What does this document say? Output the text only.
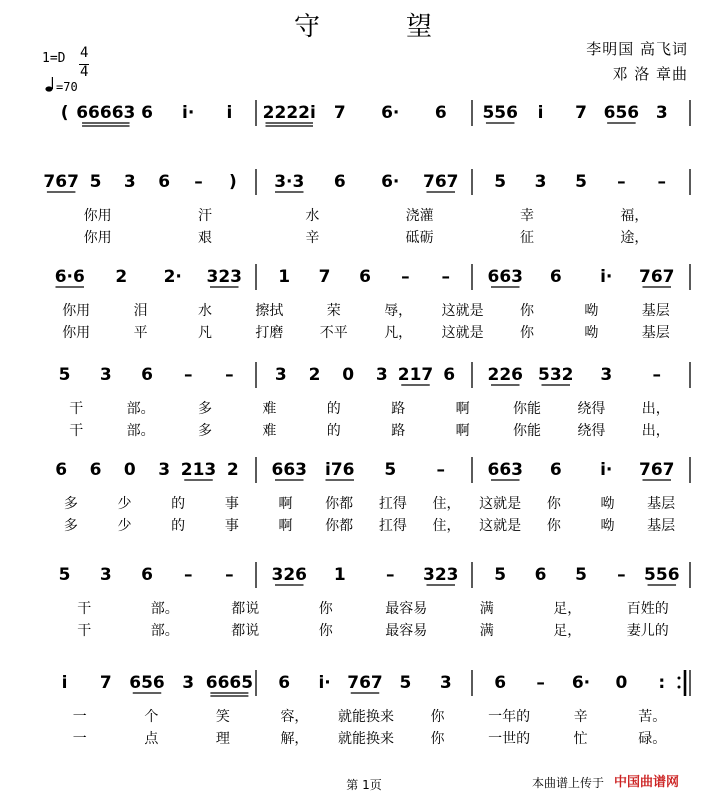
守	望
李明国 高飞词
邓 洛 章曲
1=D 4
4
=70
( 66663 6 i· i 2222i 7 6· 6 556 i 7 656 3
767 5 3 6 – ) 3·3 6 6· 767 5 3 5 – –
你用	汗	水	浇灌	幸	福，
你用	艰	辛	砥砺	征	途，
6·6 2 2· 323 1 7 6 – – 663 6 i· 767
你用	泪	水	擦拭	荣	辱， 这就是	你	呦	基层
你用	平	凡	打磨	不平	凡， 这就是	你	呦	基层
5 3 6 – – 3 2 0 3 217 6 226 532 3 –
干	部。	多	难	的	路	啊	你能	绕得	出，
干	部。	多	难	的	路	啊	你能	绕得	出，
6 6 0 3 213 2 663 i76 5 –	663 6 i· 767
多	少	的	事	啊 你都 扛得 住， 这就是 你	呦 基层
多	少	的	事	啊 你都 扛得 住， 这就是 你	呦 基层
5 3 6 – – 326 1 – 323 5 6 5 – 556
干	部。	都说	你	最容易	满	足，	百姓的
干	部。	都说	你	最容易	满	足，	妻儿的
i 7 656 3 6665 6 i· 767 5 3	6 – 6· 0 :
一	个	笑	容， 就能换来	你	一年的	辛	苦。
一	点	理	解， 就能换来	你	一世的	忙	碌。
第 1页	本曲谱上传于 中国曲谱网
